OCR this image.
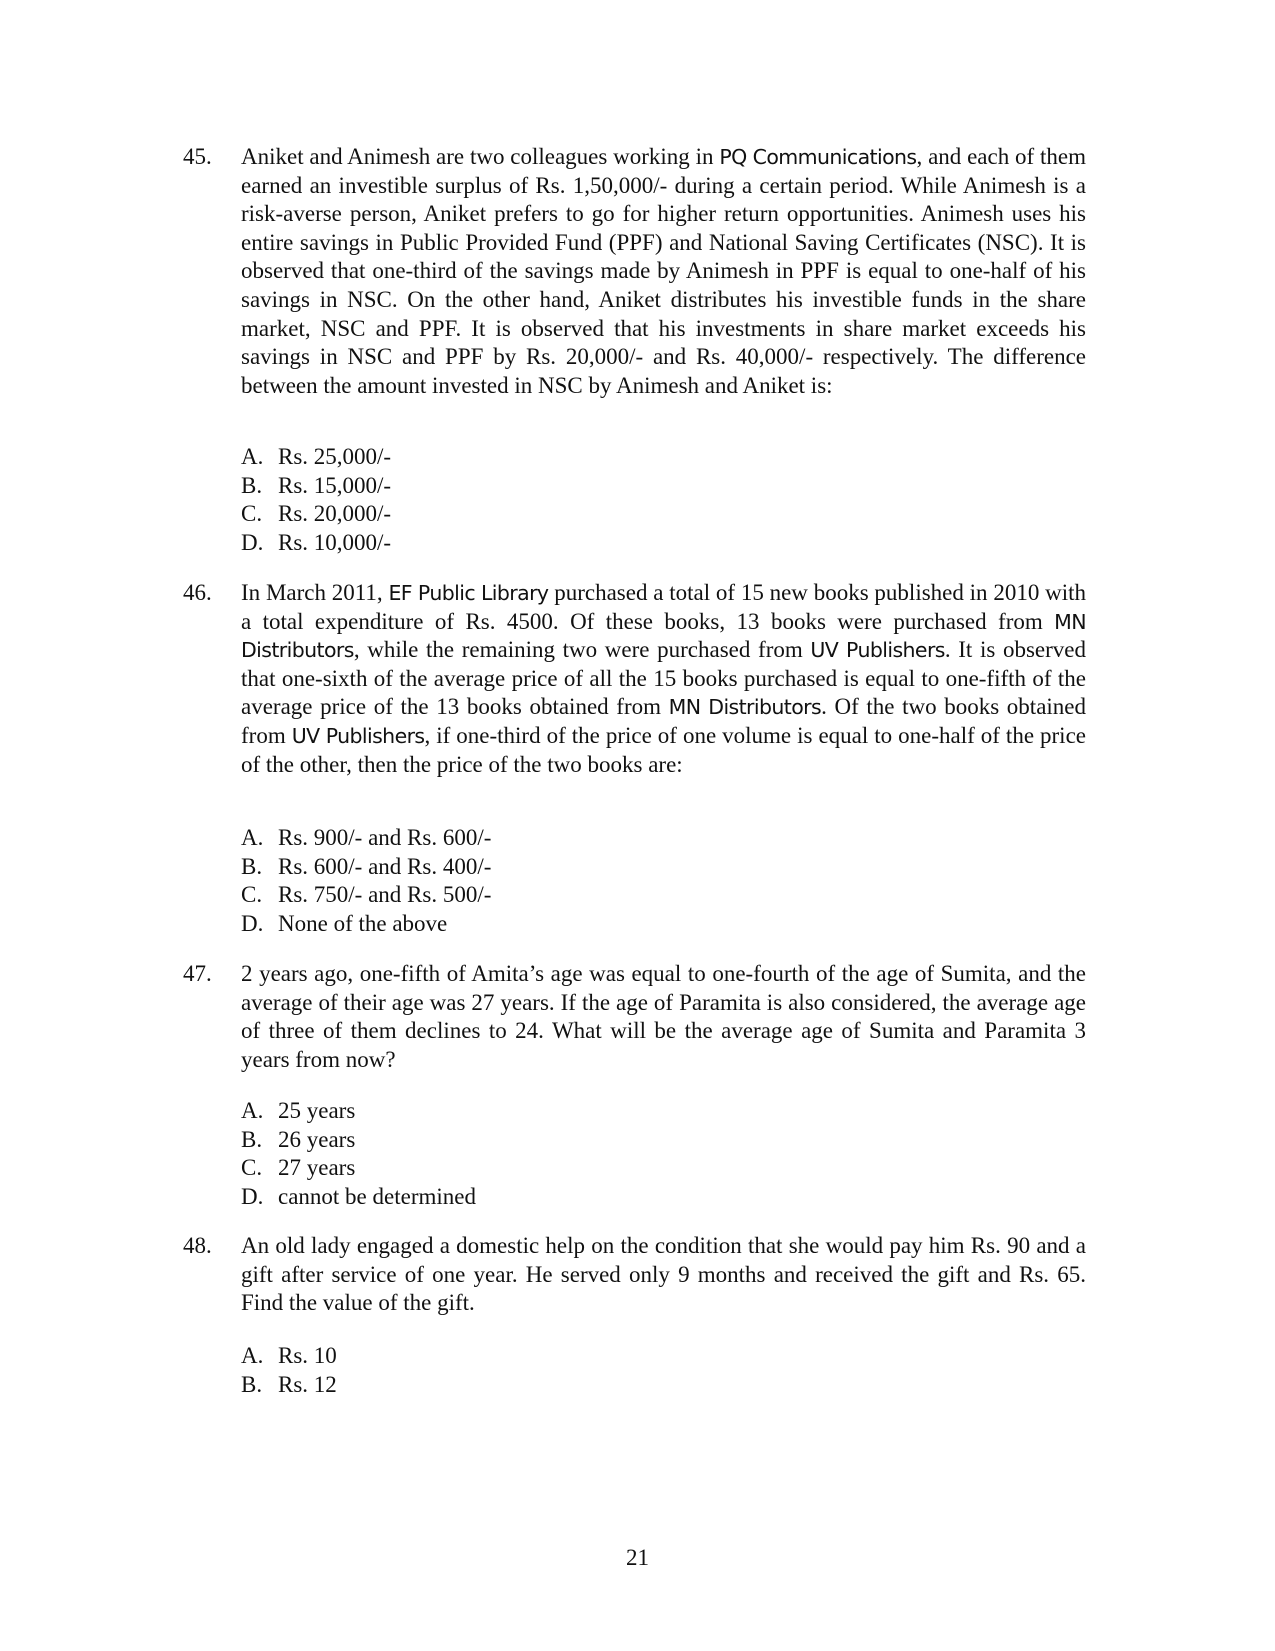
45. Aniket and Animesh are two colleagues working in PQ Communications, and each of them earned an investible surplus of Rs. 1,50,000/- during a certain period. While Animesh is a risk-averse person, Aniket prefers to go for higher return opportunities. Animesh uses his entire savings in Public Provided Fund (PPF) and National Saving Certificates (NSC). It is observed that one-third of the savings made by Animesh in PPF is equal to one-half of his savings in NSC. On the other hand, Aniket distributes his investible funds in the share market, NSC and PPF. It is observed that his investments in share market exceeds his savings in NSC and PPF by Rs. 20,000/- and Rs. 40,000/- respectively. The difference between the amount invested in NSC by Animesh and Aniket is:
A. Rs. 25,000/-
B. Rs. 15,000/-
C. Rs. 20,000/-
D. Rs. 10,000/-
46. In March 2011, EF Public Library purchased a total of 15 new books published in 2010 with a total expenditure of Rs. 4500. Of these books, 13 books were purchased from MN Distributors, while the remaining two were purchased from UV Publishers. It is observed that one-sixth of the average price of all the 15 books purchased is equal to one-fifth of the average price of the 13 books obtained from MN Distributors. Of the two books obtained from UV Publishers, if one-third of the price of one volume is equal to one-half of the price of the other, then the price of the two books are:
A. Rs. 900/- and Rs. 600/-
B. Rs. 600/- and Rs. 400/-
C. Rs. 750/- and Rs. 500/-
D. None of the above
47. 2 years ago, one-fifth of Amita’s age was equal to one-fourth of the age of Sumita, and the average of their age was 27 years. If the age of Paramita is also considered, the average age of three of them declines to 24. What will be the average age of Sumita and Paramita 3 years from now?
A. 25 years
B. 26 years
C. 27 years
D. cannot be determined
48. An old lady engaged a domestic help on the condition that she would pay him Rs. 90 and a gift after service of one year. He served only 9 months and received the gift and Rs. 65. Find the value of the gift.
A. Rs. 10
B. Rs. 12
21
